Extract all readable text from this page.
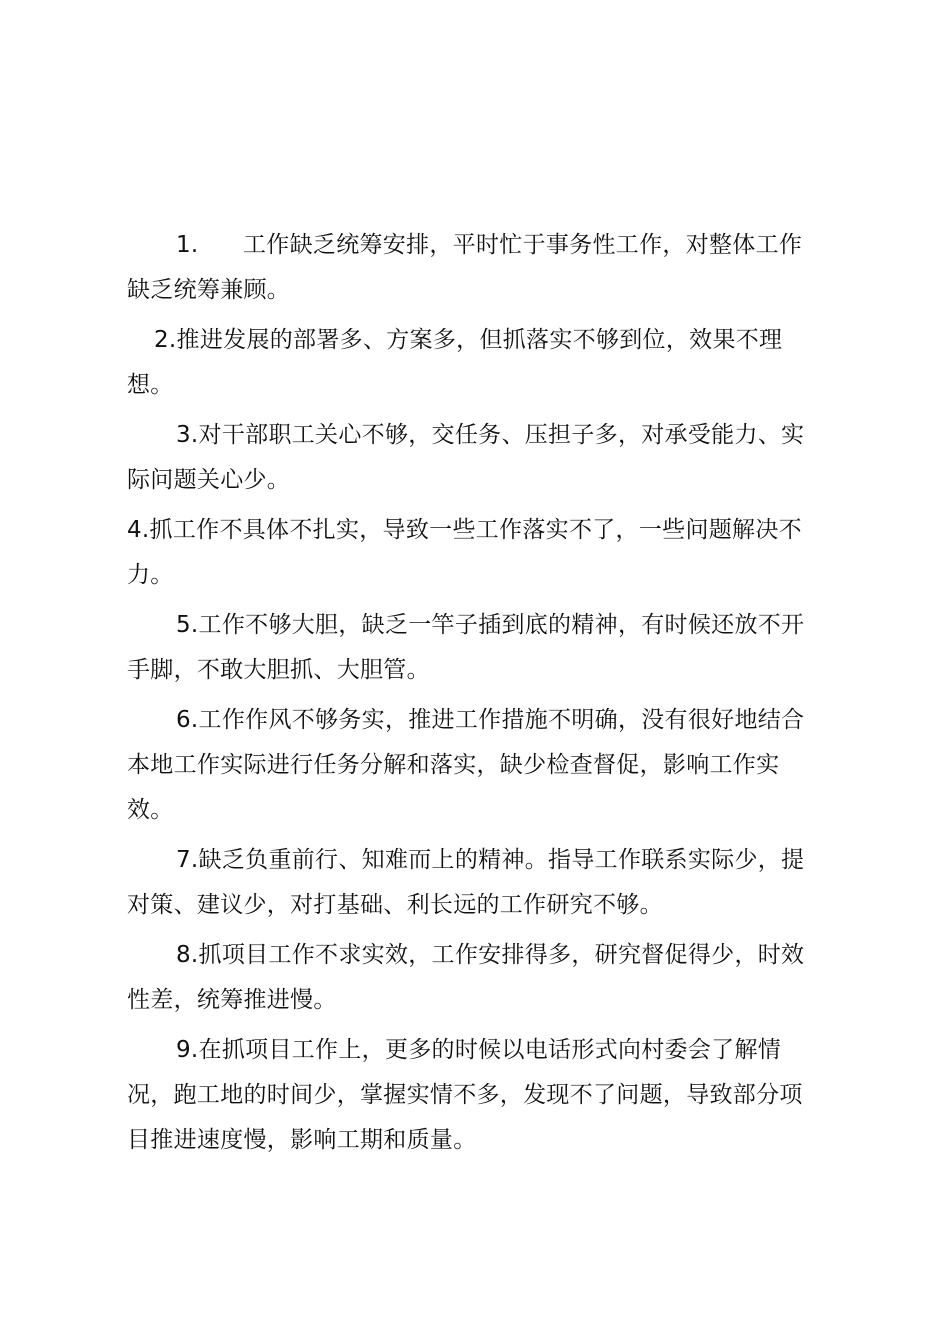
1. 工作缺乏统筹安排，平时忙于事务性工作，对整体工作缺乏统筹兼顾。

2.推进发展的部署多、方案多，但抓落实不够到位，效果不理想。

3.对干部职工关心不够，交任务、压担子多，对承受能力、实际问题关心少。

4.抓工作不具体不扎实，导致一些工作落实不了，一些问题解决不力。

5.工作不够大胆，缺乏一竿子插到底的精神，有时候还放不开手脚，不敢大胆抓、大胆管。

6.工作作风不够务实，推进工作措施不明确，没有很好地结合本地工作实际进行任务分解和落实，缺少检查督促，影响工作实效。

7.缺乏负重前行、知难而上的精神。指导工作联系实际少，提对策、建议少，对打基础、利长远的工作研究不够。

8.抓项目工作不求实效，工作安排得多，研究督促得少，时效性差，统筹推进慢。

9.在抓项目工作上，更多的时候以电话形式向村委会了解情况，跑工地的时间少，掌握实情不多，发现不了问题，导致部分项目推进速度慢，影响工期和质量。
